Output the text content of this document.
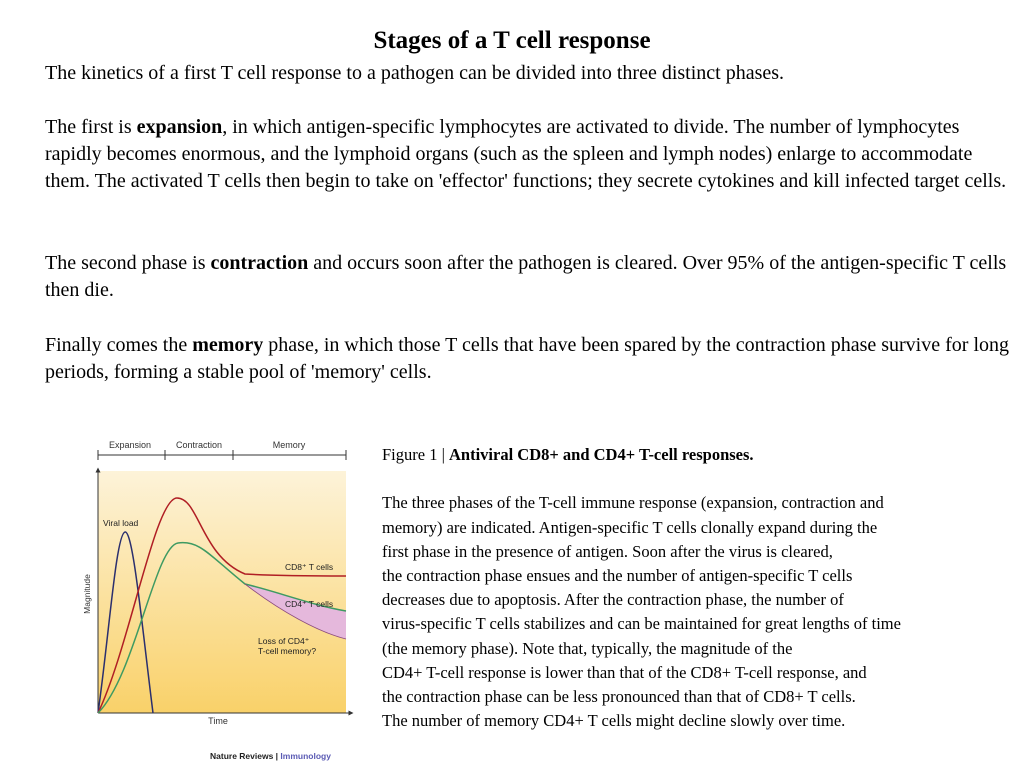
Stages of a T cell response

The kinetics of a first T cell response to a pathogen can be divided into three distinct phases.

The first is expansion, in which antigen-specific lymphocytes are activated to divide. The number of lymphocytes rapidly becomes enormous, and the lymphoid organs (such as the spleen and lymph nodes) enlarge to accommodate them. The activated T cells then begin to take on 'effector' functions; they secrete cytokines and kill infected target cells.

The second phase is contraction and occurs soon after the pathogen is cleared. Over 95% of the antigen-specific T cells then die.

Finally comes the memory phase, in which those T cells that have been spared by the contraction phase survive for long periods, forming a stable pool of 'memory' cells.

Expansion	Contraction	Memory
Magnitude
Time
Viral load
CD8⁺ T cells
CD4⁺ T cells
Loss of CD4⁺
T-cell memory?
Nature Reviews | Immunology
Figure 1 | Antiviral CD8+ and CD4+ T-cell responses.
The three phases of the T-cell immune response (expansion, contraction and
memory) are indicated. Antigen-specific T cells clonally expand during the
first phase in the presence of antigen. Soon after the virus is cleared,
the contraction phase ensues and the number of antigen-specific T cells
decreases due to apoptosis. After the contraction phase, the number of
virus-specific T cells stabilizes and can be maintained for great lengths of time
(the memory phase). Note that, typically, the magnitude of the
CD4+ T-cell response is lower than that of the CD8+ T-cell response, and
the contraction phase can be less pronounced than that of CD8+ T cells.
The number of memory CD4+ T cells might decline slowly over time.
